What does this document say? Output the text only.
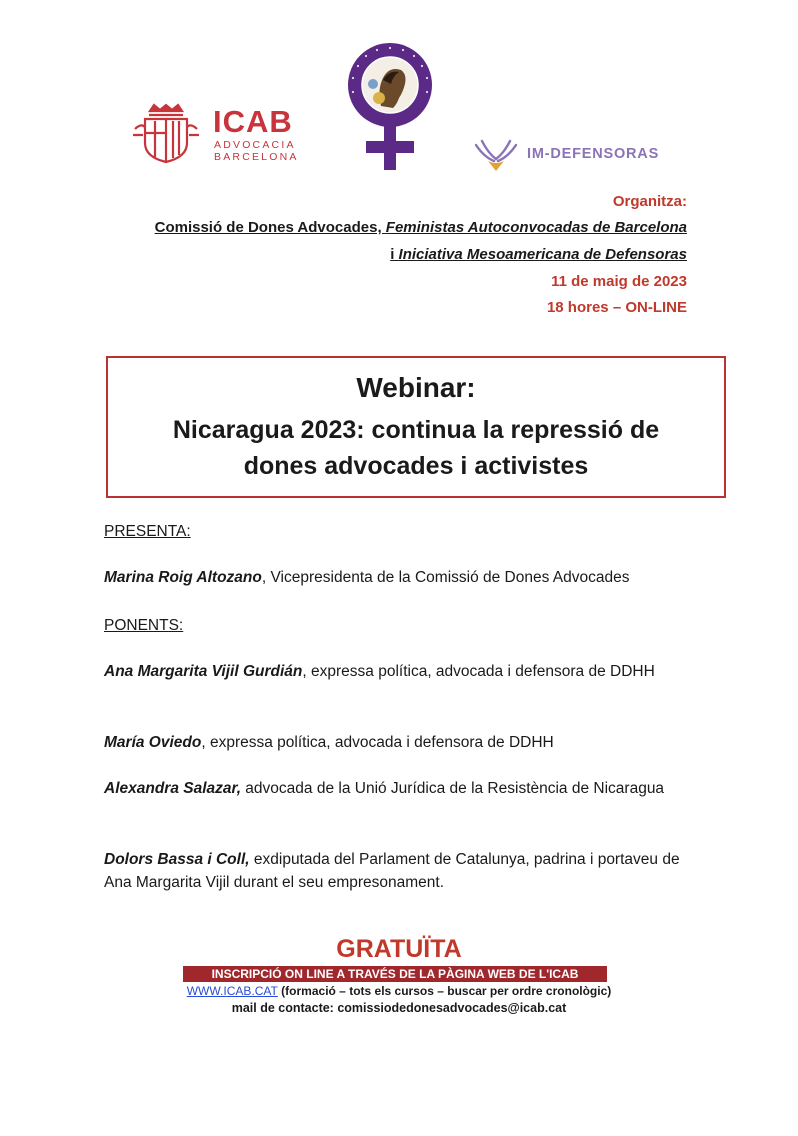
ICAB
ADVOCACIA
BARCELONA	IM-DEFENSORAS
Organitza:
Comissió de Dones Advocades, Feministas Autoconvocadas de Barcelona
i Iniciativa Mesoamericana de Defensoras
11 de maig de 2023
18 hores – ON-LINE
Webinar:
Nicaragua 2023: continua la repressió de
dones advocades i activistes
PRESENTA:
Marina Roig Altozano, Vicepresidenta de la Comissió de Dones Advocades
PONENTS:
Ana Margarita Vijil Gurdián, expressa política, advocada i defensora de DDHH
María Oviedo, expressa política, advocada i defensora de DDHH
Alexandra Salazar, advocada de la Unió Jurídica de la Resistència de Nicaragua
Dolors Bassa i Coll, exdiputada del Parlament de Catalunya, padrina i portaveu de Ana Margarita Vijil durant el seu empresonament.
GRATUÏTA
INSCRIPCIÓ ON LINE A TRAVÉS DE LA PÀGINA WEB DE L'ICAB
WWW.ICAB.CAT (formació – tots els cursos – buscar per ordre cronològic)
mail de contacte: comissiodedonesadvocades@icab.cat
